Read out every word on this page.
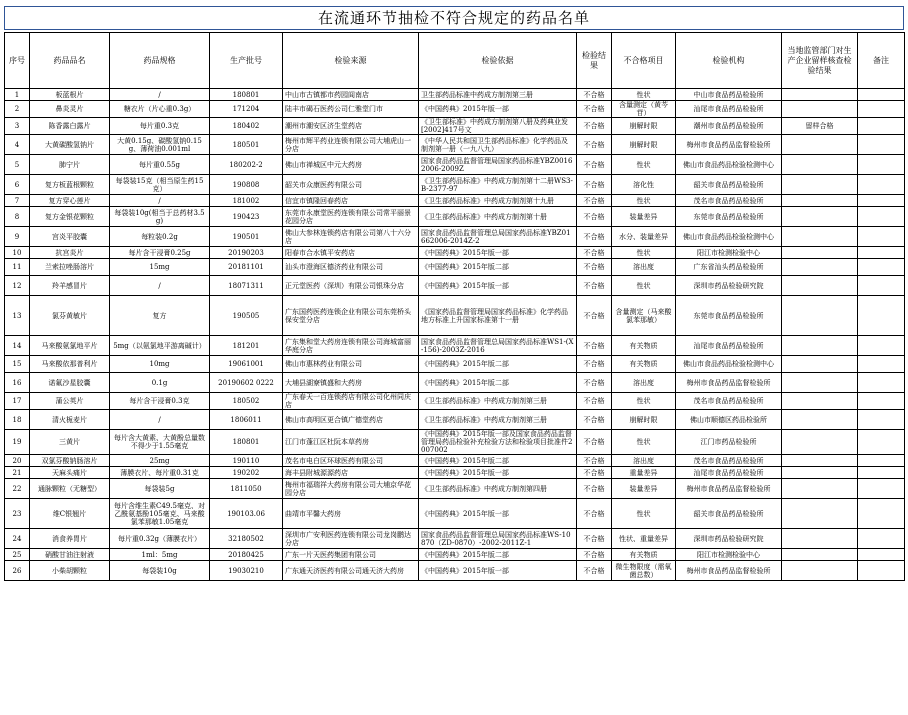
在流通环节抽检不符合规定的药品名单
序号	药品品名	药品规格	生产批号	检验来源	检验依据	检验结果	不合格项目	检验机构	当地监管部门对生产企业留样核查检验结果	备注
1	板蓝根片	/	180801	中山市古镇都市药园闾南店	卫生部药品标准中药成方制剂第三册	不合格	性状	中山市食品药品检验所		
2	鼻炎灵片	糖衣片（片心重0.3g）	171204	陆丰市碣石医药公司仁雅堂门市	《中国药典》2015年版一部	不合格	含量测定（黄芩苷）	汕尾市食品药品检验所		
3	陈香露白露片	每片重0.3克	180402	潮州市潮安区济生堂药店	《卫生部标准》中药成方制剂第八册及药典业发[2002]417号文	不合格	崩解时限	潮州市食品药品检验所	留样合格	
4	大黄碳酸氢钠片	大黄0.15g、碳酸氢钠0.15g、薄荷油0.001ml	180501	梅州市辉平药业连锁有限公司大埔虎山一分店	《中华人民共和国卫生部药品标准》化学药品及制剂第一册（一九八九）	不合格	崩解时限	梅州市食品药品监督检验所		
5	肺宁片	每片重0.55g	180202-2	佛山市禅城区中元大药房	国家食品药品监督管理局国家药品标准YBZ00162006-2009Z	不合格	性状	佛山市食品药品检验检测中心		
6	复方板蓝根颗粒	每袋装15克（相当原生药15克）	190808	韶关市众康医药有限公司	《卫生部药品标准》中药成方制剂第十二册WS3-B-2377-97	不合格	溶化性	韶关市食品药品检验所		
7	复方穿心莲片	/	181002	信宜市镇隆回春药店	《卫生部药品标准》中药成方制剂第十九册	不合格	性状	茂名市食品药品检验所		
8	复方金银花颗粒	每袋装10g(相当于总药材3.5g)	190423	东莞市永康堂医药连锁有限公司常平丽景花园分店	《卫生部药品标准》中药成方制剂第十册	不合格	装量差异	东莞市食品药品检验所		
9	宫炎平胶囊	每粒装0.2g	190501	佛山大参林连锁药店有限公司第八十六分店	国家食品药品监督管理总局国家药品标准YBZ01662006-2014Z-2	不合格	水分、装量差异	佛山市食品药品检验检测中心		
10	抗宫炎片	每片含干浸膏0.25g	20190203	阳春市合水镇平安药店	《中国药典》2015年版一部	不合格	性状	阳江市检测检验中心		
11	兰索拉唑肠溶片	15mg	20181101	汕头市澄海区德济药业有限公司	《中国药典》2015年版二部	不合格	溶出度	广东省汕头药品检验所		
12	羚羊感冒片	/	18071311	正元堂医药（深圳）有限公司银珠分店	《中国药典》2015年版一部	不合格	性状	深圳市药品检验研究院		
13	氯芬黄敏片	复方	190505	广东国药医药连锁企业有限公司东莞桥头保安堂分店	《国家药品监督管理局国家药品标准》化学药品地方标准上升国家标准第十一册	不合格	含量测定（马来酸氯苯那敏）	东莞市食品药品检验所		
14	马来酸氨氯地平片	5mg（以氨氯地平游离碱计）	181201	广东集和堂大药房连锁有限公司海城富丽华庭分店	国家食品药品监督管理总局国家药品标准WS1-(X-156)-2003Z-2016	不合格	有关物质	汕尾市食品药品检验所		
15	马来酸依那普利片	10mg	19061001	佛山市惠林药业有限公司	《中国药典》2015年版二部	不合格	有关物质	佛山市食品药品检验检测中心		
16	诺氟沙星胶囊	0.1g	20190602 0222	大埔县湖寮镇盛和大药房	《中国药典》2015年版二部	不合格	溶出度	梅州市食品药品监督检验所		
17	蒲公英片	每片含干浸膏0.3克	180502	广东春天一百连锁药店有限公司化州同庆店	《卫生部药品标准》中药成方制剂第三册	不合格	性状	茂名市食品药品检验所		
18	清火栀麦片	/	1806011	佛山市高明区更合镇广德堂药店	《卫生部药品标准》中药成方制剂第三册	不合格	崩解时限	佛山市顺德区药品检验所		
19	三黄片	每片含大黄素、大黄酚总量数不得少于1.55毫克	180801	江门市蓬江区杜阮本草药房	《中国药典》2015年版一部及国家食品药品监督管理局药品检验补充检验方法和检验项目批准件2007002	不合格	性状	江门市药品检验所		
20	双氯芬酸钠肠溶片	25mg	190110	茂名市电白区环球医药有限公司	《中国药典》2015年版二部	不合格	溶出度	茂名市食品药品检验所		
21	天麻头痛片	薄膜衣片、每片重0.31克	190202	海丰县附城源源药店	《中国药典》2015年版一部	不合格	重量差异	汕尾市食品药品检验所		
22	通脉颗粒（无糖型）	每袋装5g	1811050	梅州市福瑞祥大药房有限公司大埔京华花园分店	《卫生部药品标准》中药成方制剂第四册	不合格	装量差异	梅州市食品药品监督检验所		
23	维C银翘片	每片含维生素C49.5毫克、对乙酰氨基酚105毫克、马来酸氯苯那敏1.05毫克	190103.06	曲靖市平馨大药房	《中国药典》2015年版一部	不合格	性状	韶关市食品药品检验所		
24	消食养胃片	每片重0.32g（薄膜衣片）	32180502	深圳市广安利医药连锁有限公司龙岗鹏达分店	国家食品药品监督管理总局国家药品标准WS-10870（ZD-0870）-2002-2011Z-1	不合格	性状、重量差异	深圳市药品检验研究院		
25	硝酸甘油注射液	1ml：5mg	20180425	广东一片天医药集团有限公司	《中国药典》2015年版二部	不合格	有关物质	阳江市检测检验中心		
26	小柴胡颗粒	每袋装10g	19030210	广东通天济医药有限公司通天济大药房	《中国药典》2015年版一部	不合格	微生物限度（需氧菌总数）	梅州市食品药品监督检验所		
